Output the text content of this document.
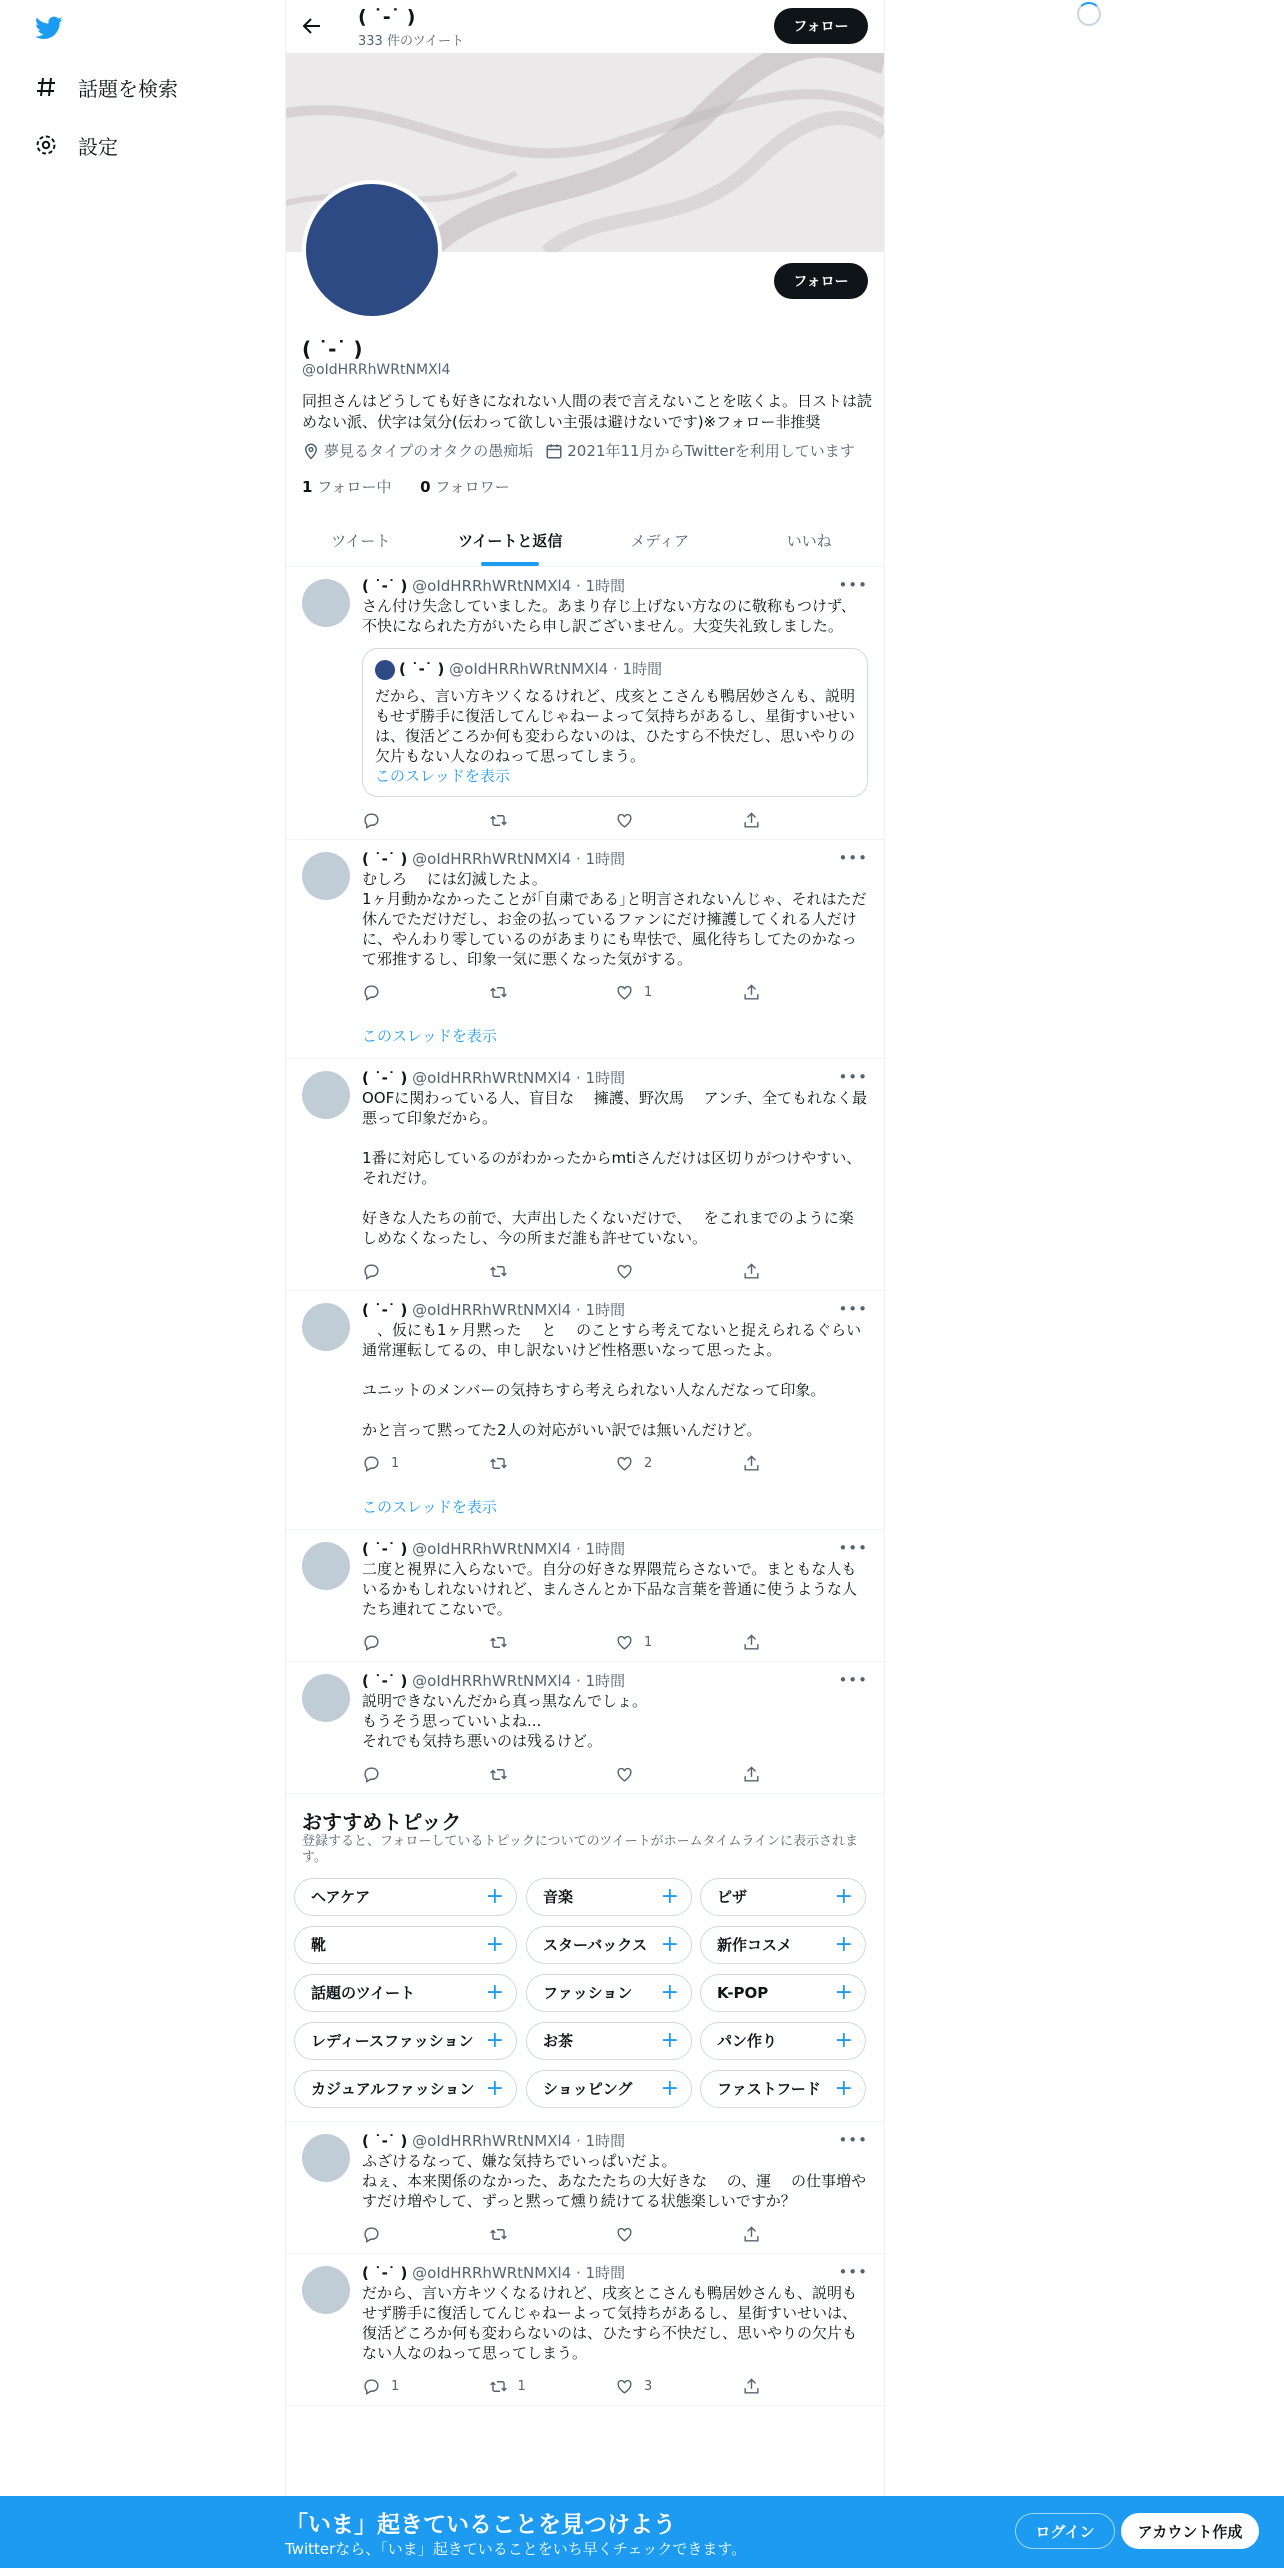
話題を検索
設定
( ˙-˙ )
333 件のツイート
フォロー
フォロー
( ˙-˙ )
@oIdHRRhWRtNMXl4
同担さんはどうしても好きになれない人間の表で言えないことを呟くよ。日ストは読めない派、伏字は気分(伝わって欲しい主張は避けないです)※フォロー非推奨
夢見るタイプのオタクの愚痴垢 2021年11月からTwitterを利用しています
1 フォロー中 0 フォロワー
ツイート	ツイートと返信	メディア	いいね
•••
( ˙-˙ ) @oIdHRRhWRtNMXl4 · 1時間
さん付け失念していました。あまり存じ上げない方なのに敬称もつけず、不快になられた方がいたら申し訳ございません。大変失礼致しました。
( ˙-˙ ) @oIdHRRhWRtNMXl4 · 1時間
だから、言い方キツくなるけれど、戌亥とこさんも鴨居妙さんも、説明もせず勝手に復活してんじゃねーよって気持ちがあるし、星街すいせいは、復活どころか何も変わらないのは、ひたすら不快だし、思いやりの欠片もない人なのねって思ってしまう。
このスレッドを表示
•••
( ˙-˙ ) @oIdHRRhWRtNMXl4 · 1時間
むしろ　 には幻滅したよ。
1ヶ月動かなかったことが｢自粛である｣と明言されないんじゃ、それはただ休んでただけだし、お金の払っているファンにだけ擁護してくれる人だけに、やんわり零しているのがあまりにも卑怯で、風化待ちしてたのかなって邪推するし、印象一気に悪くなった気がする。
1
このスレッドを表示
•••
( ˙-˙ ) @oIdHRRhWRtNMXl4 · 1時間
OOFに関わっている人、盲目な　 擁護、野次馬　 アンチ、全てもれなく最悪って印象だから。

1番に対応しているのがわかったからmtiさんだけは区切りがつけやすい、それだけ。

好きな人たちの前で、大声出したくないだけで、　 をこれまでのように楽しめなくなったし、今の所まだ誰も許せていない。
•••
( ˙-˙ ) @oIdHRRhWRtNMXl4 · 1時間
　、仮にも1ヶ月黙った　 と　 のことすら考えてないと捉えられるぐらい通常運転してるの、申し訳ないけど性格悪いなって思ったよ。

ユニットのメンバーの気持ちすら考えられない人なんだなって印象。

かと言って黙ってた2人の対応がいい訳では無いんだけど。
1	2
このスレッドを表示
•••
( ˙-˙ ) @oIdHRRhWRtNMXl4 · 1時間
二度と視界に入らないで。自分の好きな界隈荒らさないで。まともな人もいるかもしれないけれど、まんさんとか下品な言葉を普通に使うような人たち連れてこないで。
1
•••
( ˙-˙ ) @oIdHRRhWRtNMXl4 · 1時間
説明できないんだから真っ黒なんでしょ。
もうそう思っていいよね...
それでも気持ち悪いのは残るけど。
おすすめトピック

登録すると、フォローしているトピックについてのツイートがホームタイムラインに表示されます。

ヘアケア	+	音楽	+	ピザ	+
靴	+	スターバックス +	新作コスメ +
話題のツイート	+	ファッション +	K-POP	+
レディースファッション +	お茶	+	パン作り	+
カジュアルファッション +	ショッピング +	ファストフード +
•••
( ˙-˙ ) @oIdHRRhWRtNMXl4 · 1時間
ふざけるなって、嫌な気持ちでいっぱいだよ。
ねぇ、本来関係のなかった、あなたたちの大好きな　 の、運　 の仕事増やすだけ増やして、ずっと黙って燻り続けてる状態楽しいですか？
•••
( ˙-˙ ) @oIdHRRhWRtNMXl4 · 1時間
だから、言い方キツくなるけれど、戌亥とこさんも鴨居妙さんも、説明もせず勝手に復活してんじゃねーよって気持ちがあるし、星街すいせいは、復活どころか何も変わらないのは、ひたすら不快だし、思いやりの欠片もない人なのねって思ってしまう。
1	1	3
「いま」起きていることを見つけよう
Twitterなら、「いま」起きていることをいち早くチェックできます。
ログイン	アカウント作成
